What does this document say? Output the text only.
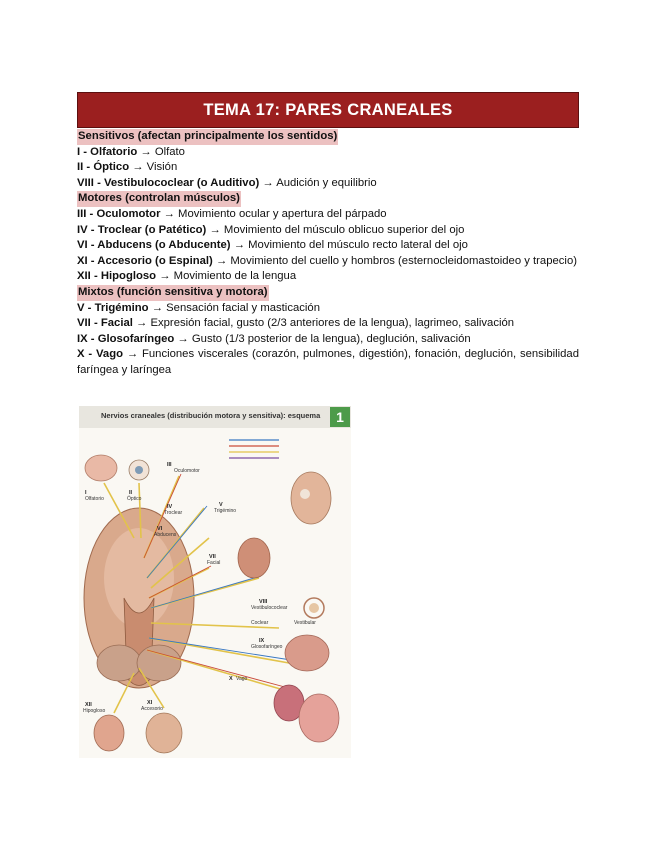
TEMA 17: PARES CRANEALES
Sensitivos (afectan principalmente los sentidos)
I - Olfatorio → Olfato
II - Óptico → Visión
VIII - Vestibulococlear (o Auditivo) → Audición y equilibrio
Motores (controlan músculos)
III - Oculomotor → Movimiento ocular y apertura del párpado
IV - Troclear (o Patético) → Movimiento del músculo oblicuo superior del ojo
VI - Abducens (o Abducente) → Movimiento del músculo recto lateral del ojo
XI - Accesorio (o Espinal) → Movimiento del cuello y hombros (esternocleidomastoideo y trapecio)
XII - Hipogloso → Movimiento de la lengua
Mixtos (función sensitiva y motora)
V - Trigémino → Sensación facial y masticación
VII - Facial → Expresión facial, gusto (2/3 anteriores de la lengua), lagrimeo, salivación
IX - Glosofaríngeo → Gusto (1/3 posterior de la lengua), deglución, salivación
X - Vago → Funciones viscerales (corazón, pulmones, digestión), fonación, deglución, sensibilidad faríngea y laríngea
Nervios craneales (distribución motora y sensitiva): esquema	1
I
Olfatorio
II
Óptico
III
Oculomotor
IV
Troclear
V
Trigémino
VI
Abducens
VII
Facial
VIII
Vestibulococlear
Coclear	Vestibular
IX
Glosofaríngeo
X Vago
XI
Accesorio
XII
Hipogloso
